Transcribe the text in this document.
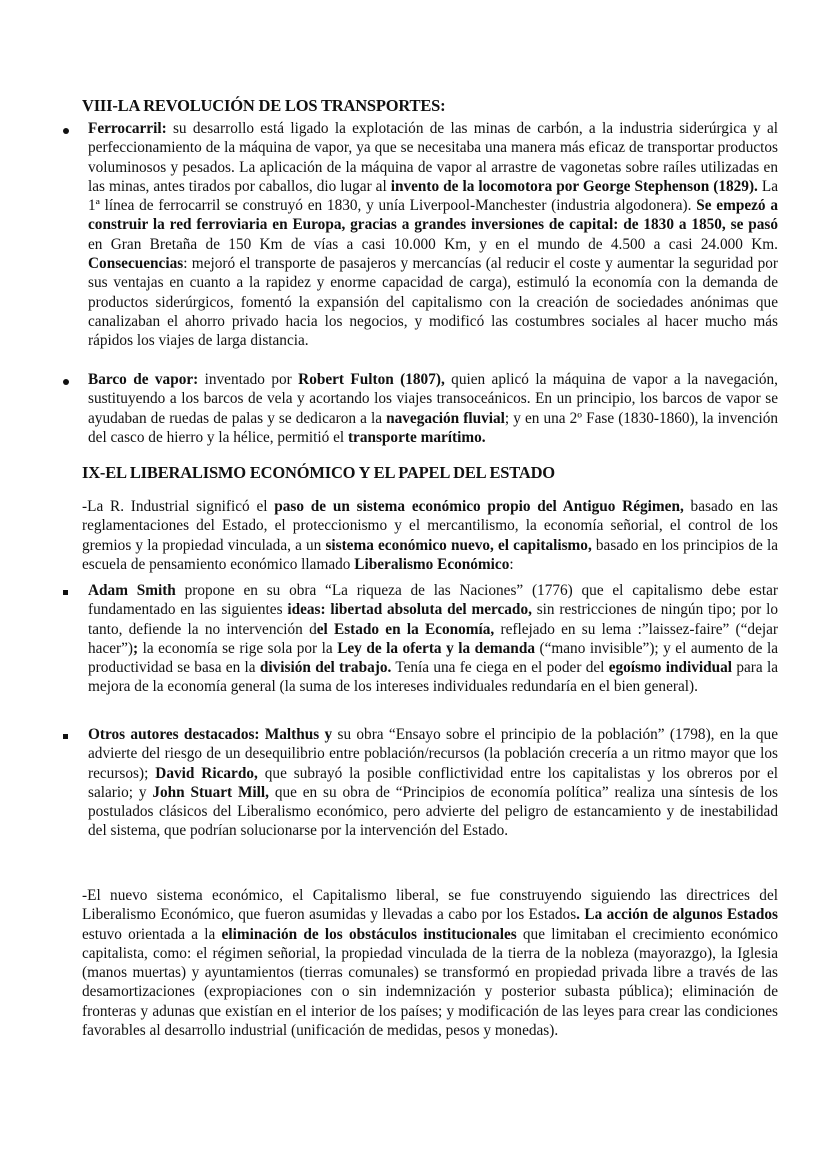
VIII-LA REVOLUCIÓN DE LOS TRANSPORTES:

Ferrocarril: su desarrollo está ligado la explotación de las minas de carbón, a la industria siderúrgica y al perfeccionamiento de la máquina de vapor, ya que se necesitaba una manera más eficaz de transportar productos voluminosos y pesados. La aplicación de la máquina de vapor al arrastre de vagonetas sobre raíles utilizadas en las minas, antes tirados por caballos, dio lugar al invento de la locomotora por George Stephenson (1829). La 1ª línea de ferrocarril se construyó en 1830, y unía Liverpool-Manchester (industria algodonera). Se empezó a construir la red ferroviaria en Europa, gracias a grandes inversiones de capital: de 1830 a 1850, se pasó en Gran Bretaña de 150 Km de vías a casi 10.000 Km, y en el mundo de 4.500 a casi 24.000 Km. Consecuencias: mejoró el transporte de pasajeros y mercancías (al reducir el coste y aumentar la seguridad por sus ventajas en cuanto a la rapidez y enorme capacidad de carga), estimuló la economía con la demanda de productos siderúrgicos, fomentó la expansión del capitalismo con la creación de sociedades anónimas que canalizaban el ahorro privado hacia los negocios, y modificó las costumbres sociales al hacer mucho más rápidos los viajes de larga distancia.

Barco de vapor: inventado por Robert Fulton (1807), quien aplicó la máquina de vapor a la navegación, sustituyendo a los barcos de vela y acortando los viajes transoceánicos. En un principio, los barcos de vapor se ayudaban de ruedas de palas y se dedicaron a la navegación fluvial; y en una 2º Fase (1830-1860), la invención del casco de hierro y la hélice, permitió el transporte marítimo.

IX-EL LIBERALISMO ECONÓMICO Y EL PAPEL DEL ESTADO

-La R. Industrial significó el paso de un sistema económico propio del Antiguo Régimen, basado en las reglamentaciones del Estado, el proteccionismo y el mercantilismo, la economía señorial, el control de los gremios y la propiedad vinculada, a un sistema económico nuevo, el capitalismo, basado en los principios de la escuela de pensamiento económico llamado Liberalismo Económico:

Adam Smith propone en su obra “La riqueza de las Naciones” (1776) que el capitalismo debe estar fundamentado en las siguientes ideas: libertad absoluta del mercado, sin restricciones de ningún tipo; por lo tanto, defiende la no intervención del Estado en la Economía, reflejado en su lema :”laissez-faire” (“dejar hacer”); la economía se rige sola por la Ley de la oferta y la demanda (“mano invisible”); y el aumento de la productividad se basa en la división del trabajo. Tenía una fe ciega en el poder del egoísmo individual para la mejora de la economía general (la suma de los intereses individuales redundaría en el bien general).

Otros autores destacados: Malthus y su obra “Ensayo sobre el principio de la población” (1798), en la que advierte del riesgo de un desequilibrio entre población/recursos (la población crecería a un ritmo mayor que los recursos); David Ricardo, que subrayó la posible conflictividad entre los capitalistas y los obreros por el salario; y John Stuart Mill, que en su obra de “Principios de economía política” realiza una síntesis de los postulados clásicos del Liberalismo económico, pero advierte del peligro de estancamiento y de inestabilidad del sistema, que podrían solucionarse por la intervención del Estado.

-El nuevo sistema económico, el Capitalismo liberal, se fue construyendo siguiendo las directrices del Liberalismo Económico, que fueron asumidas y llevadas a cabo por los Estados. La acción de algunos Estados estuvo orientada a la eliminación de los obstáculos institucionales que limitaban el crecimiento económico capitalista, como: el régimen señorial, la propiedad vinculada de la tierra de la nobleza (mayorazgo), la Iglesia (manos muertas) y ayuntamientos (tierras comunales) se transformó en propiedad privada libre a través de las desamortizaciones (expropiaciones con o sin indemnización y posterior subasta pública); eliminación de fronteras y adunas que existían en el interior de los países; y modificación de las leyes para crear las condiciones favorables al desarrollo industrial (unificación de medidas, pesos y monedas).
